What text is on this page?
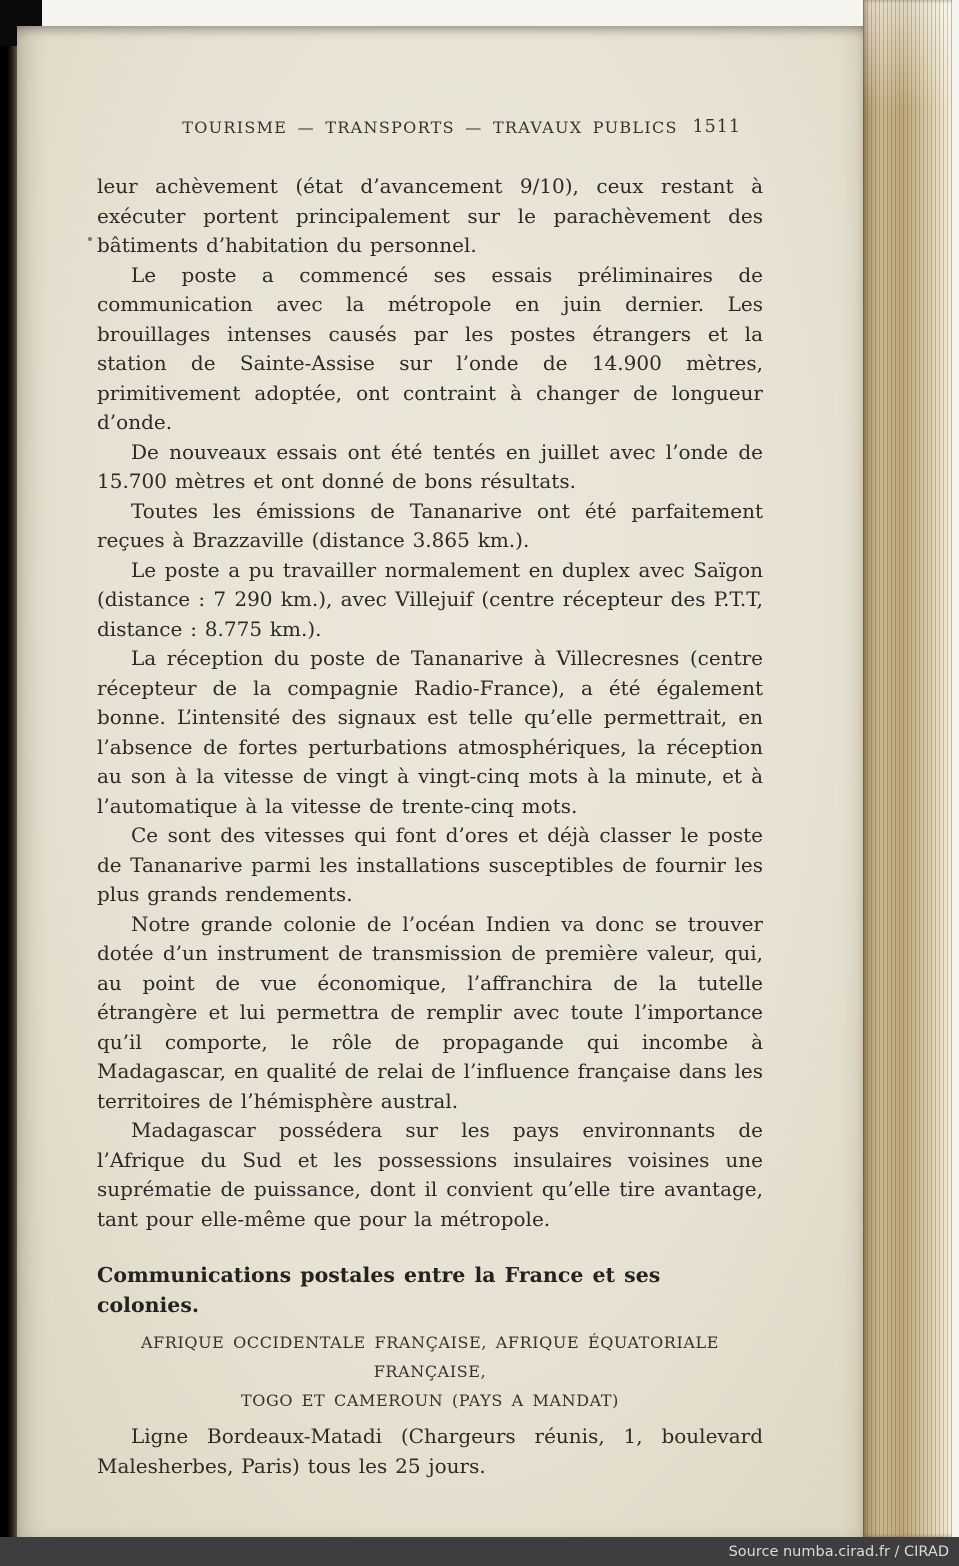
TOURISME — TRANSPORTS — TRAVAUX PUBLICS 1511

leur achèvement (état d’avancement 9/10), ceux restant à exécuter portent principalement sur le parachèvement des bâtiments d’habitation du personnel.

Le poste a commencé ses essais préliminaires de communication avec la métropole en juin dernier. Les brouillages intenses causés par les postes étrangers et la station de Sainte-Assise sur l’onde de 14.900 mètres, primitivement adoptée, ont contraint à changer de longueur d’onde.

De nouveaux essais ont été tentés en juillet avec l’onde de 15.700 mètres et ont donné de bons résultats.

Toutes les émissions de Tananarive ont été parfaitement reçues à Brazzaville (distance 3.865 km.).

Le poste a pu travailler normalement en duplex avec Saïgon (distance : 7 290 km.), avec Villejuif (centre récepteur des P.T.T, distance : 8.775 km.).

La réception du poste de Tananarive à Villecresnes (centre récepteur de la compagnie Radio-France), a été également bonne. L’intensité des signaux est telle qu’elle permettrait, en l’absence de fortes perturbations atmosphériques, la réception au son à la vitesse de vingt à vingt-cinq mots à la minute, et à l’automatique à la vitesse de trente-cinq mots.

Ce sont des vitesses qui font d’ores et déjà classer le poste de Tananarive parmi les installations susceptibles de fournir les plus grands rendements.

Notre grande colonie de l’océan Indien va donc se trouver dotée d’un instrument de transmission de première valeur, qui, au point de vue économique, l’affranchira de la tutelle étrangère et lui permettra de remplir avec toute l’importance qu’il comporte, le rôle de propagande qui incombe à Madagascar, en qualité de relai de l’influence française dans les territoires de l’hémisphère austral.

Madagascar possédera sur les pays environnants de l’Afrique du Sud et les possessions insulaires voisines une suprématie de puissance, dont il convient qu’elle tire avantage, tant pour elle-même que pour la métropole.

Communications postales entre la France et ses colonies.
AFRIQUE OCCIDENTALE FRANÇAISE, AFRIQUE ÉQUATORIALE FRANÇAISE,
TOGO ET CAMEROUN (PAYS A MANDAT)

Ligne Bordeaux-Matadi (Chargeurs réunis, 1, boulevard Malesherbes, Paris) tous les 25 jours.

Source numba.cirad.fr / CIRAD
